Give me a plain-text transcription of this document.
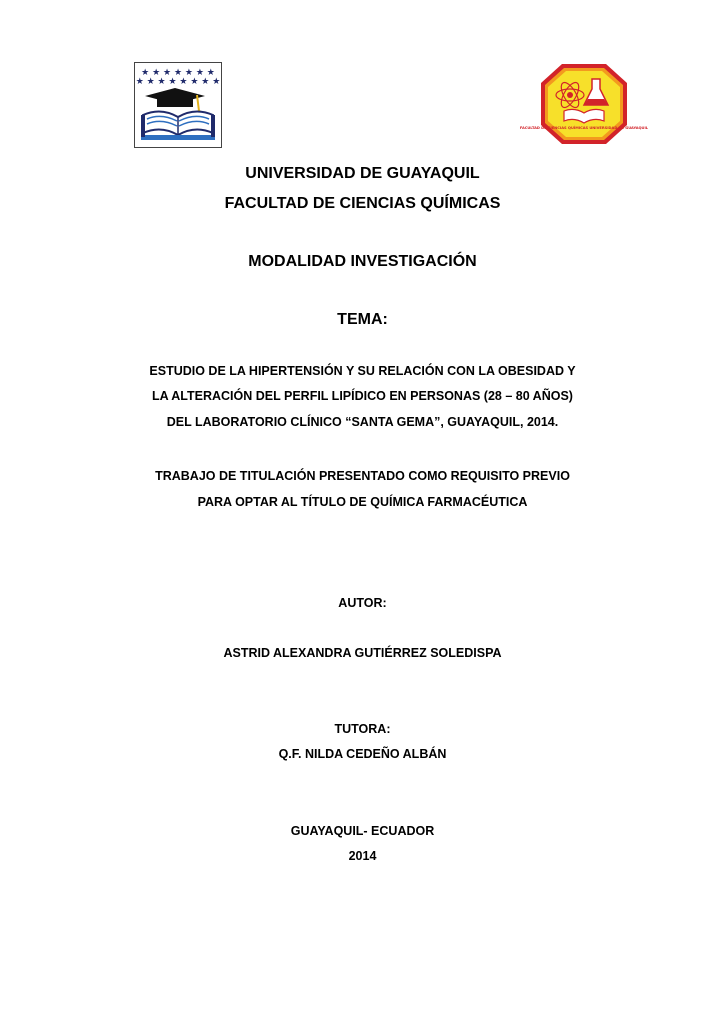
★ ★ ★ ★ ★ ★ ★
★ ★ ★ ★ ★ ★ ★ ★
FACULTAD DE CIENCIAS QUÍMICAS UNIVERSIDAD DE GUAYAQUIL
UNIVERSIDAD DE GUAYAQUIL
FACULTAD DE CIENCIAS QUÍMICAS
MODALIDAD INVESTIGACIÓN
TEMA:
ESTUDIO DE LA HIPERTENSIÓN Y SU RELACIÓN CON LA OBESIDAD Y
LA ALTERACIÓN DEL PERFIL LIPÍDICO EN PERSONAS (28 – 80 AÑOS)
DEL LABORATORIO CLÍNICO “SANTA GEMA”, GUAYAQUIL, 2014.
TRABAJO DE TITULACIÓN PRESENTADO COMO REQUISITO PREVIO
PARA OPTAR AL TÍTULO DE QUÍMICA FARMACÉUTICA
AUTOR:
ASTRID ALEXANDRA GUTIÉRREZ SOLEDISPA
TUTORA:
Q.F. NILDA CEDEÑO ALBÁN
GUAYAQUIL- ECUADOR
2014
